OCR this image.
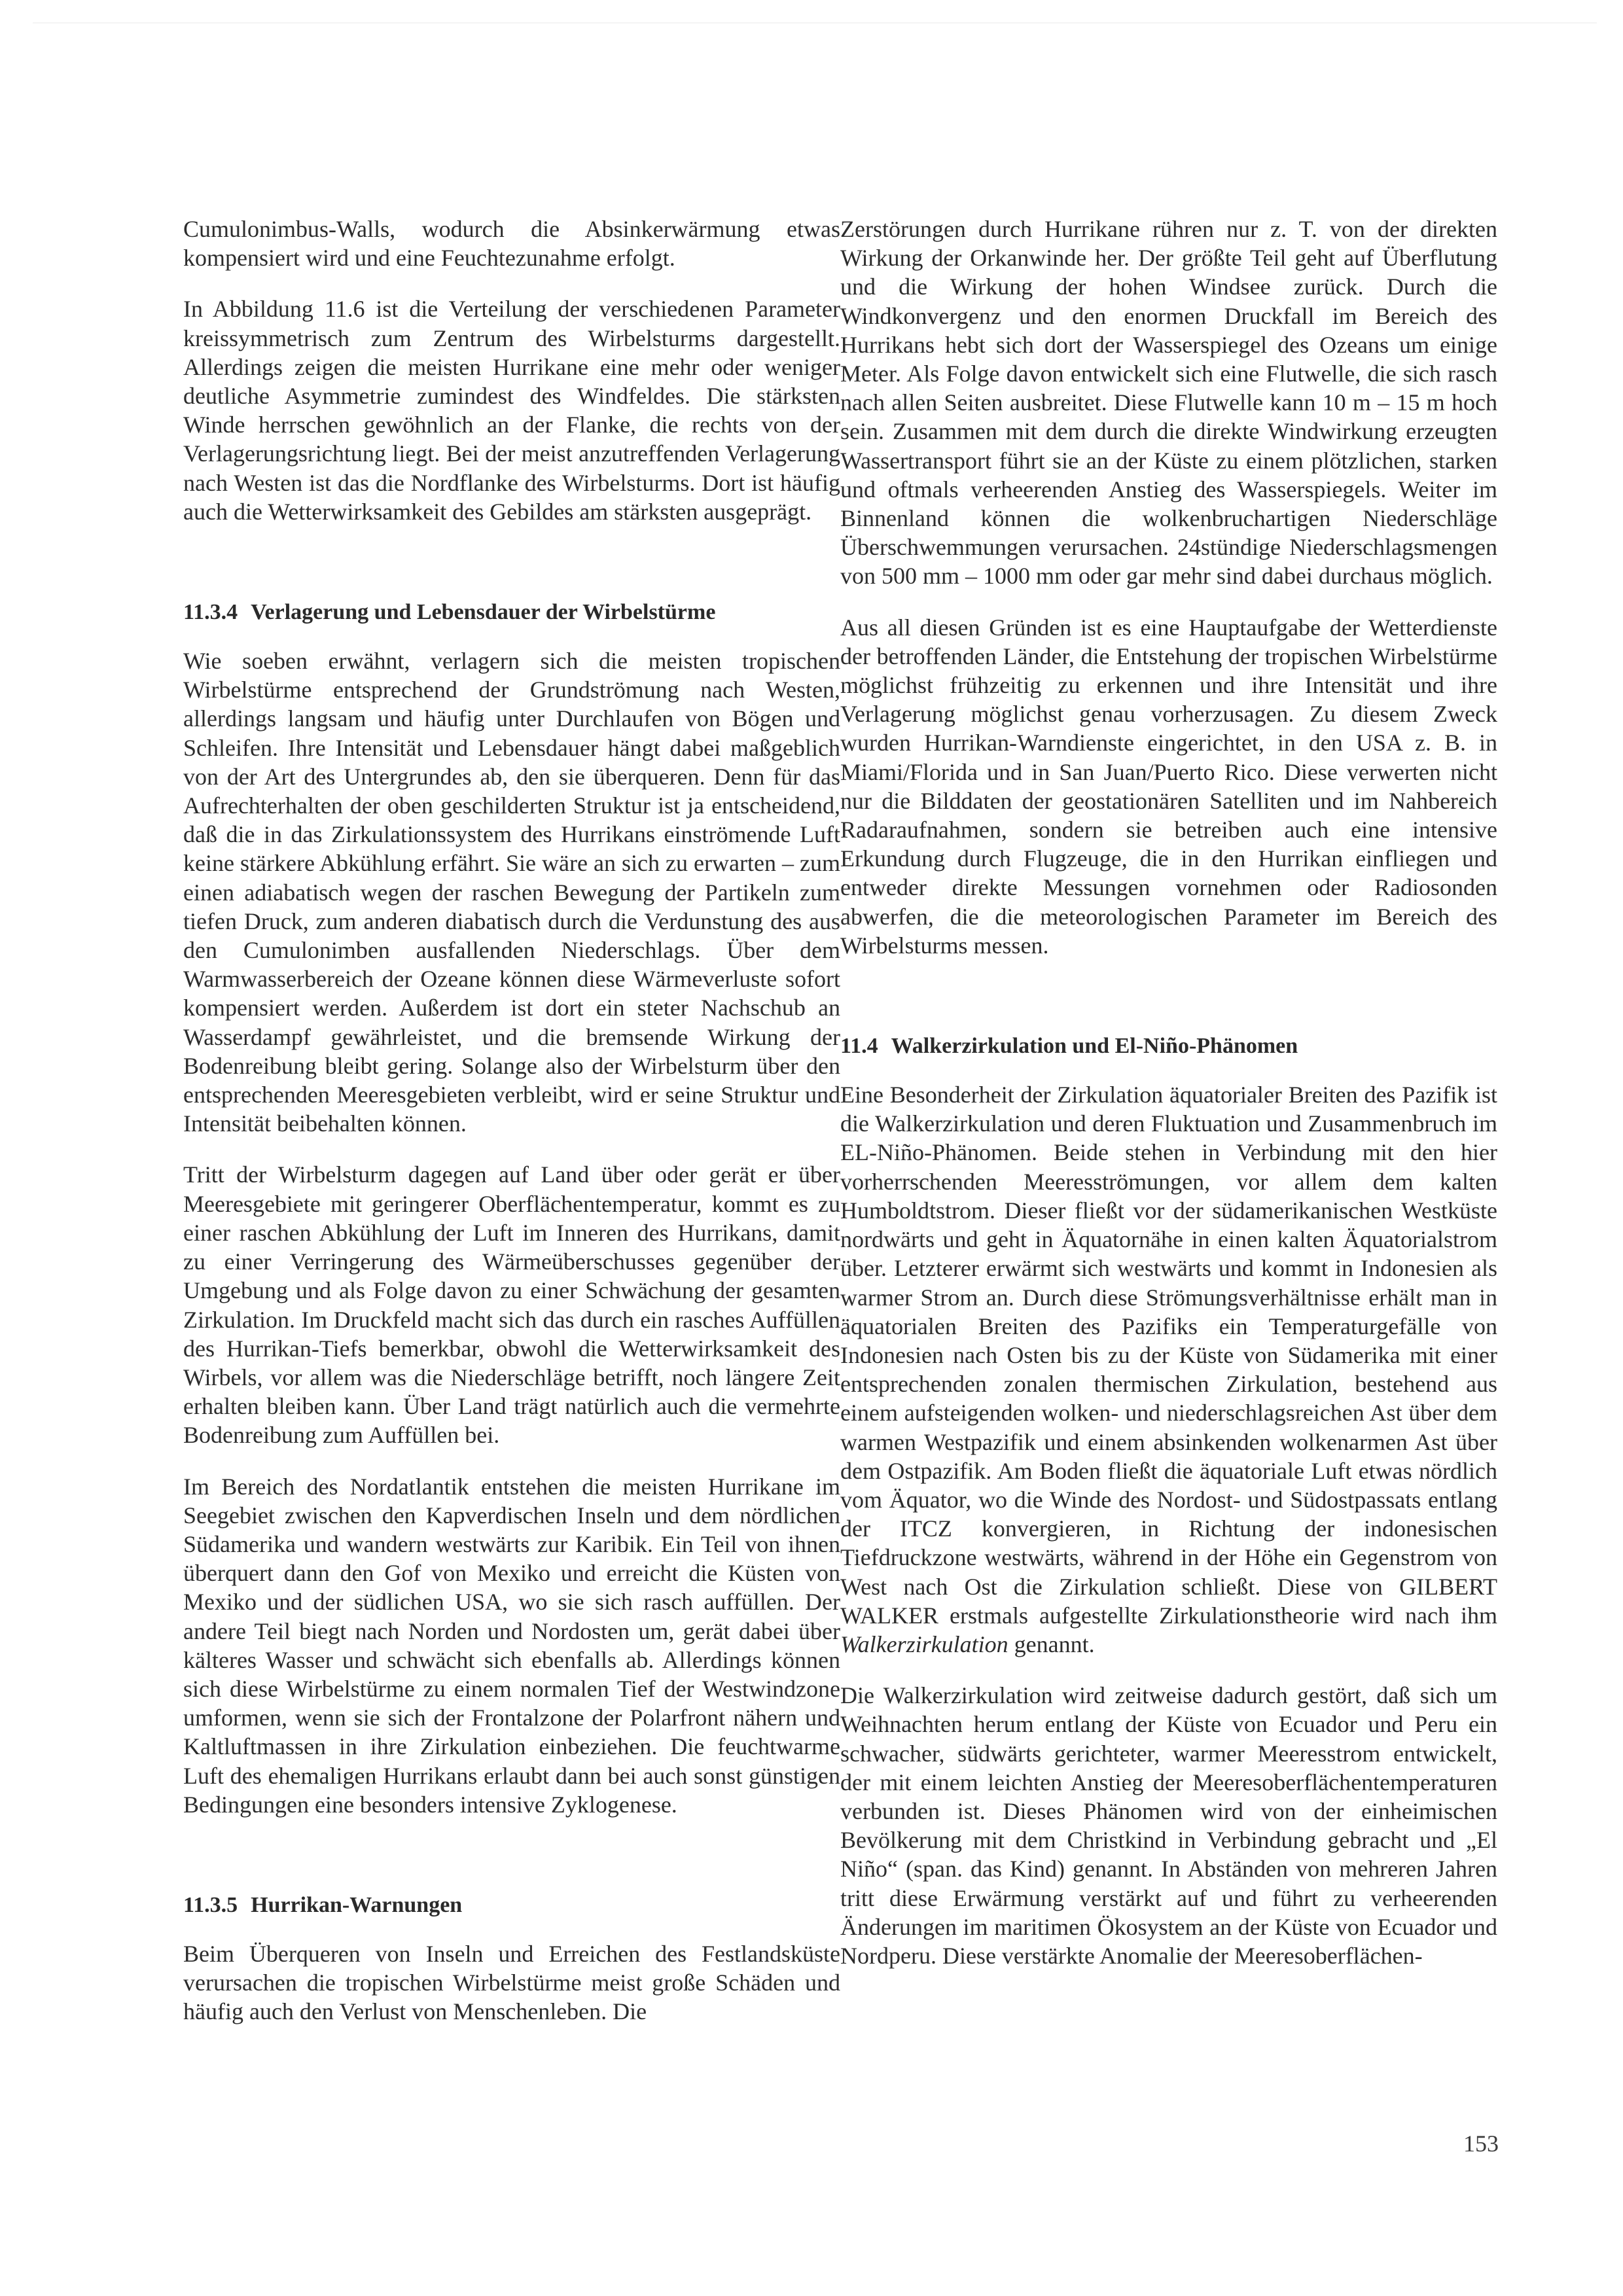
Cumulonimbus-Walls, wodurch die Absinkerwärmung etwas kompensiert wird und eine Feuchtezunahme erfolgt.

In Abbildung 11.6 ist die Verteilung der verschiedenen Parameter kreissymmetrisch zum Zentrum des Wirbelsturms dargestellt. Allerdings zeigen die meisten Hurrikane eine mehr oder weniger deutliche Asymmetrie zumindest des Windfeldes. Die stärksten Winde herrschen gewöhnlich an der Flanke, die rechts von der Verlagerungsrichtung liegt. Bei der meist anzutreffenden Verlagerung nach Westen ist das die Nordflanke des Wirbelsturms. Dort ist häufig auch die Wetterwirksamkeit des Gebildes am stärksten ausgeprägt.

11.3.4 Verlagerung und Lebensdauer der Wirbelstürme

Wie soeben erwähnt, verlagern sich die meisten tropischen Wirbelstürme entsprechend der Grundströmung nach Westen, allerdings langsam und häufig unter Durchlaufen von Bögen und Schleifen. Ihre Intensität und Lebensdauer hängt dabei maßgeblich von der Art des Untergrundes ab, den sie überqueren. Denn für das Aufrechterhalten der oben geschilderten Struktur ist ja entscheidend, daß die in das Zirkulationssystem des Hurrikans einströmende Luft keine stärkere Abkühlung erfährt. Sie wäre an sich zu erwarten – zum einen adiabatisch wegen der raschen Bewegung der Partikeln zum tiefen Druck, zum anderen diabatisch durch die Verdunstung des aus den Cumulonimben ausfallenden Niederschlags. Über dem Warmwasserbereich der Ozeane können diese Wärmeverluste sofort kompensiert werden. Außerdem ist dort ein steter Nachschub an Wasserdampf gewährleistet, und die bremsende Wirkung der Bodenreibung bleibt gering. Solange also der Wirbelsturm über den entsprechenden Meeresgebieten verbleibt, wird er seine Struktur und Intensität beibehalten können.

Tritt der Wirbelsturm dagegen auf Land über oder gerät er über Meeresgebiete mit geringerer Oberflächentemperatur, kommt es zu einer raschen Abkühlung der Luft im Inneren des Hurrikans, damit zu einer Verringerung des Wärmeüberschusses gegenüber der Umgebung und als Folge davon zu einer Schwächung der gesamten Zirkulation. Im Druckfeld macht sich das durch ein rasches Auffüllen des Hurrikan-Tiefs bemerkbar, obwohl die Wetterwirksamkeit des Wirbels, vor allem was die Niederschläge betrifft, noch längere Zeit erhalten bleiben kann. Über Land trägt natürlich auch die vermehrte Bodenreibung zum Auffüllen bei.

Im Bereich des Nordatlantik entstehen die meisten Hurrikane im Seegebiet zwischen den Kapverdischen Inseln und dem nördlichen Südamerika und wandern westwärts zur Karibik. Ein Teil von ihnen überquert dann den Gof von Mexiko und erreicht die Küsten von Mexiko und der südlichen USA, wo sie sich rasch auffüllen. Der andere Teil biegt nach Norden und Nordosten um, gerät dabei über kälteres Wasser und schwächt sich ebenfalls ab. Allerdings können sich diese Wirbelstürme zu einem normalen Tief der Westwindzone umformen, wenn sie sich der Frontalzone der Polarfront nähern und Kaltluftmassen in ihre Zirkulation einbeziehen. Die feuchtwarme Luft des ehemaligen Hurrikans erlaubt dann bei auch sonst günstigen Bedingungen eine besonders intensive Zyklogenese.

11.3.5 Hurrikan-Warnungen

Beim Überqueren von Inseln und Erreichen des Festlandsküste verursachen die tropischen Wirbelstürme meist große Schäden und häufig auch den Verlust von Menschenleben. Die

Zerstörungen durch Hurrikane rühren nur z. T. von der direkten Wirkung der Orkanwinde her. Der größte Teil geht auf Überflutung und die Wirkung der hohen Windsee zurück. Durch die Windkonvergenz und den enormen Druckfall im Bereich des Hurrikans hebt sich dort der Wasserspiegel des Ozeans um einige Meter. Als Folge davon entwickelt sich eine Flutwelle, die sich rasch nach allen Seiten ausbreitet. Diese Flutwelle kann 10 m – 15 m hoch sein. Zusammen mit dem durch die direkte Windwirkung erzeugten Wassertransport führt sie an der Küste zu einem plötzlichen, starken und oftmals verheerenden Anstieg des Wasserspiegels. Weiter im Binnenland können die wolkenbruchartigen Niederschläge Überschwemmungen verursachen. 24stündige Niederschlagsmengen von 500 mm – 1000 mm oder gar mehr sind dabei durchaus möglich.

Aus all diesen Gründen ist es eine Hauptaufgabe der Wetterdienste der betroffenden Länder, die Entstehung der tropischen Wirbelstürme möglichst frühzeitig zu erkennen und ihre Intensität und ihre Verlagerung möglichst genau vorherzusagen. Zu diesem Zweck wurden Hurrikan-Warndienste eingerichtet, in den USA z. B. in Miami/Florida und in San Juan/Puerto Rico. Diese verwerten nicht nur die Bilddaten der geostationären Satelliten und im Nahbereich Radaraufnahmen, sondern sie betreiben auch eine intensive Erkundung durch Flugzeuge, die in den Hurrikan einfliegen und entweder direkte Messungen vornehmen oder Radiosonden abwerfen, die die meteorologischen Parameter im Bereich des Wirbelsturms messen.

11.4 Walkerzirkulation und El-Niño-Phänomen

Eine Besonderheit der Zirkulation äquatorialer Breiten des Pazifik ist die Walkerzirkulation und deren Fluktuation und Zusammenbruch im EL-Niño-Phänomen. Beide stehen in Verbindung mit den hier vorherrschenden Meeresströmungen, vor allem dem kalten Humboldtstrom. Dieser fließt vor der südamerikanischen Westküste nordwärts und geht in Äquatornähe in einen kalten Äquatorialstrom über. Letzterer erwärmt sich westwärts und kommt in Indonesien als warmer Strom an. Durch diese Strömungsverhältnisse erhält man in äquatorialen Breiten des Pazifiks ein Temperaturgefälle von Indonesien nach Osten bis zu der Küste von Südamerika mit einer entsprechenden zonalen thermischen Zirkulation, bestehend aus einem aufsteigenden wolken- und niederschlagsreichen Ast über dem warmen Westpazifik und einem absinkenden wolkenarmen Ast über dem Ostpazifik. Am Boden fließt die äquatoriale Luft etwas nördlich vom Äquator, wo die Winde des Nordost- und Südostpassats entlang der ITCZ konvergieren, in Richtung der indonesischen Tiefdruckzone westwärts, während in der Höhe ein Gegenstrom von West nach Ost die Zirkulation schließt. Diese von GILBERT WALKER erstmals aufgestellte Zirkulationstheorie wird nach ihm Walkerzirkulation genannt.

Die Walkerzirkulation wird zeitweise dadurch gestört, daß sich um Weihnachten herum entlang der Küste von Ecuador und Peru ein schwacher, südwärts gerichteter, warmer Meeresstrom entwickelt, der mit einem leichten Anstieg der Meeresoberflächentemperaturen verbunden ist. Dieses Phänomen wird von der einheimischen Bevölkerung mit dem Christkind in Verbindung gebracht und „El Niño“ (span. das Kind) genannt. In Abständen von mehreren Jahren tritt diese Erwärmung verstärkt auf und führt zu verheerenden Änderungen im maritimen Ökosystem an der Küste von Ecuador und Nordperu. Diese verstärkte Anomalie der Meeresoberflächen-

153
